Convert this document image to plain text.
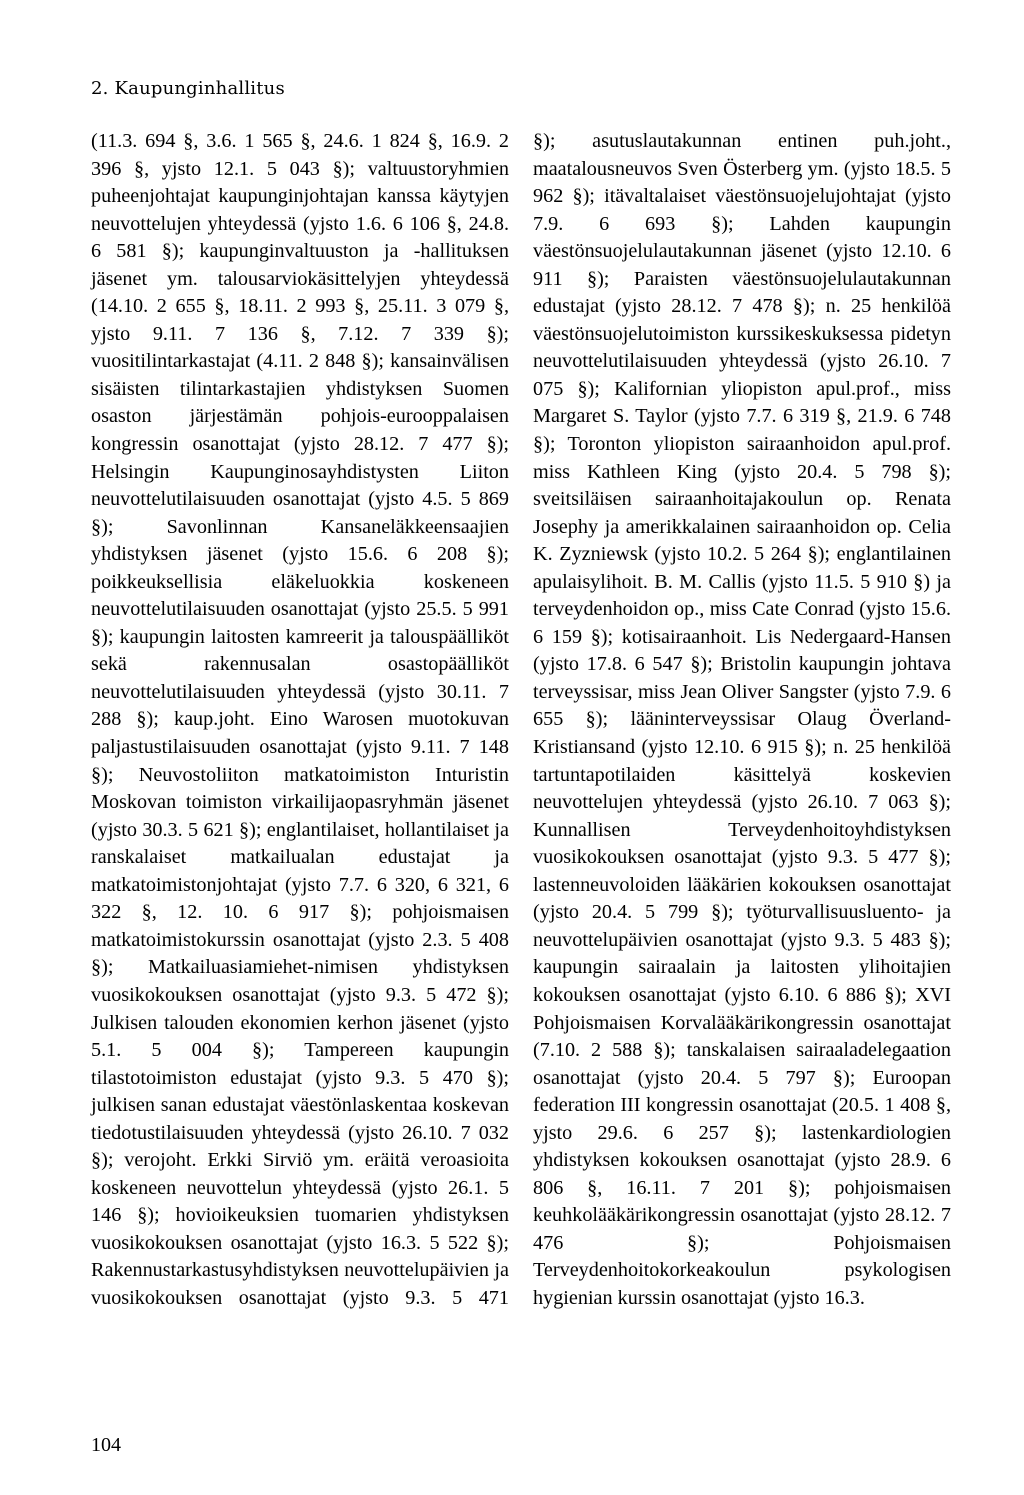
2. Kaupunginhallitus

(11.3. 694 §, 3.6. 1 565 §, 24.6. 1 824 §, 16.9. 2 396 §, yjsto 12.1. 5 043 §); valtuustoryhmien puheenjohtajat kaupunginjohtajan kanssa käytyjen neuvottelujen yhteydessä (yjsto 1.6. 6 106 §, 24.8. 6 581 §); kaupunginvaltuuston ja -hallituksen jäsenet ym. talousarviokäsittelyjen yhteydessä (14.10. 2 655 §, 18.11. 2 993 §, 25.11. 3 079 §, yjsto 9.11. 7 136 §, 7.12. 7 339 §); vuositilintarkastajat (4.11. 2 848 §); kansainvälisen sisäisten tilintarkastajien yhdistyksen Suomen osaston järjestämän pohjois-eurooppalaisen kongressin osanottajat (yjsto 28.12. 7 477 §); Helsingin Kaupunginosayhdistysten Liiton neuvottelutilaisuuden osanottajat (yjsto 4.5. 5 869 §); Savonlinnan Kansaneläkkeensaajien yhdistyksen jäsenet (yjsto 15.6. 6 208 §); poikkeuksellisia eläkeluokkia koskeneen neuvottelutilaisuuden osanottajat (yjsto 25.5. 5 991 §); kaupungin laitosten kamreerit ja talouspäälliköt sekä rakennusalan osastopäälliköt neuvottelutilaisuuden yhteydessä (yjsto 30.11. 7 288 §); kaup.joht. Eino Warosen muotokuvan paljastustilaisuuden osanottajat (yjsto 9.11. 7 148 §); Neuvostoliiton matkatoimiston Inturistin Moskovan toimiston virkailijaopasryhmän jäsenet (yjsto 30.3. 5 621 §); englantilaiset, hollantilaiset ja ranskalaiset matkailualan edustajat ja matkatoimistonjohtajat (yjsto 7.7. 6 320, 6 321, 6 322 §, 12. 10. 6 917 §); pohjoismaisen matkatoimistokurssin osanottajat (yjsto 2.3. 5 408 §); Matkailuasiamiehet-nimisen yhdistyksen vuosikokouksen osanottajat (yjsto 9.3. 5 472 §); Julkisen talouden ekonomien kerhon jäsenet (yjsto 5.1. 5 004 §); Tampereen kaupungin tilastotoimiston edustajat (yjsto 9.3. 5 470 §); julkisen sanan edustajat väestönlaskentaa koskevan tiedotustilaisuuden yhteydessä (yjsto 26.10. 7 032 §); verojoht. Erkki Sirviö ym. eräitä veroasioita koskeneen neuvottelun yhteydessä (yjsto 26.1. 5 146 §); hovioikeuksien tuomarien yhdistyksen vuosikokouksen osanottajat (yjsto 16.3. 5 522 §); Rakennustarkastusyhdistyksen neuvottelupäivien ja vuosikokouksen osanottajat (yjsto 9.3. 5 471

§); asutuslautakunnan entinen puh.joht., maatalousneuvos Sven Österberg ym. (yjsto 18.5. 5 962 §); itävaltalaiset väestönsuojelujohtajat (yjsto 7.9. 6 693 §); Lahden kaupungin väestönsuojelulautakunnan jäsenet (yjsto 12.10. 6 911 §); Paraisten väestönsuojelulautakunnan edustajat (yjsto 28.12. 7 478 §); n. 25 henkilöä väestönsuojelutoimiston kurssikeskuksessa pidetyn neuvottelutilaisuuden yhteydessä (yjsto 26.10. 7 075 §); Kalifornian yliopiston apul.prof., miss Margaret S. Taylor (yjsto 7.7. 6 319 §, 21.9. 6 748 §); Toronton yliopiston sairaanhoidon apul.prof. miss Kathleen King (yjsto 20.4. 5 798 §); sveitsiläisen sairaanhoitajakoulun op. Renata Josephy ja amerikkalainen sairaanhoidon op. Celia K. Zyzniewsk (yjsto 10.2. 5 264 §); englantilainen apulaisylihoit. B. M. Callis (yjsto 11.5. 5 910 §) ja terveydenhoidon op., miss Cate Conrad (yjsto 15.6. 6 159 §); kotisairaanhoit. Lis Nedergaard-Hansen (yjsto 17.8. 6 547 §); Bristolin kaupungin johtava terveyssisar, miss Jean Oliver Sangster (yjsto 7.9. 6 655 §); lääninterveyssisar Olaug Överland-Kristiansand (yjsto 12.10. 6 915 §); n. 25 henkilöä tartuntapotilaiden käsittelyä koskevien neuvottelujen yhteydessä (yjsto 26.10. 7 063 §); Kunnallisen Terveydenhoitoyhdistyksen vuosikokouksen osanottajat (yjsto 9.3. 5 477 §); lastenneuvoloiden lääkärien kokouksen osanottajat (yjsto 20.4. 5 799 §); työturvallisuusluento- ja neuvottelupäivien osanottajat (yjsto 9.3. 5 483 §); kaupungin sairaalain ja laitosten ylihoitajien kokouksen osanottajat (yjsto 6.10. 6 886 §); XVI Pohjoismaisen Korvalääkärikongressin osanottajat (7.10. 2 588 §); tanskalaisen sairaaladelegaation osanottajat (yjsto 20.4. 5 797 §); Euroopan federation III kongressin osanottajat (20.5. 1 408 §, yjsto 29.6. 6 257 §); lastenkardiologien yhdistyksen kokouksen osanottajat (yjsto 28.9. 6 806 §, 16.11. 7 201 §); pohjoismaisen keuhkolääkärikongressin osanottajat (yjsto 28.12. 7 476 §); Pohjoismaisen Terveydenhoitokorkeakoulun psykologisen hygienian kurssin osanottajat (yjsto 16.3.

104
